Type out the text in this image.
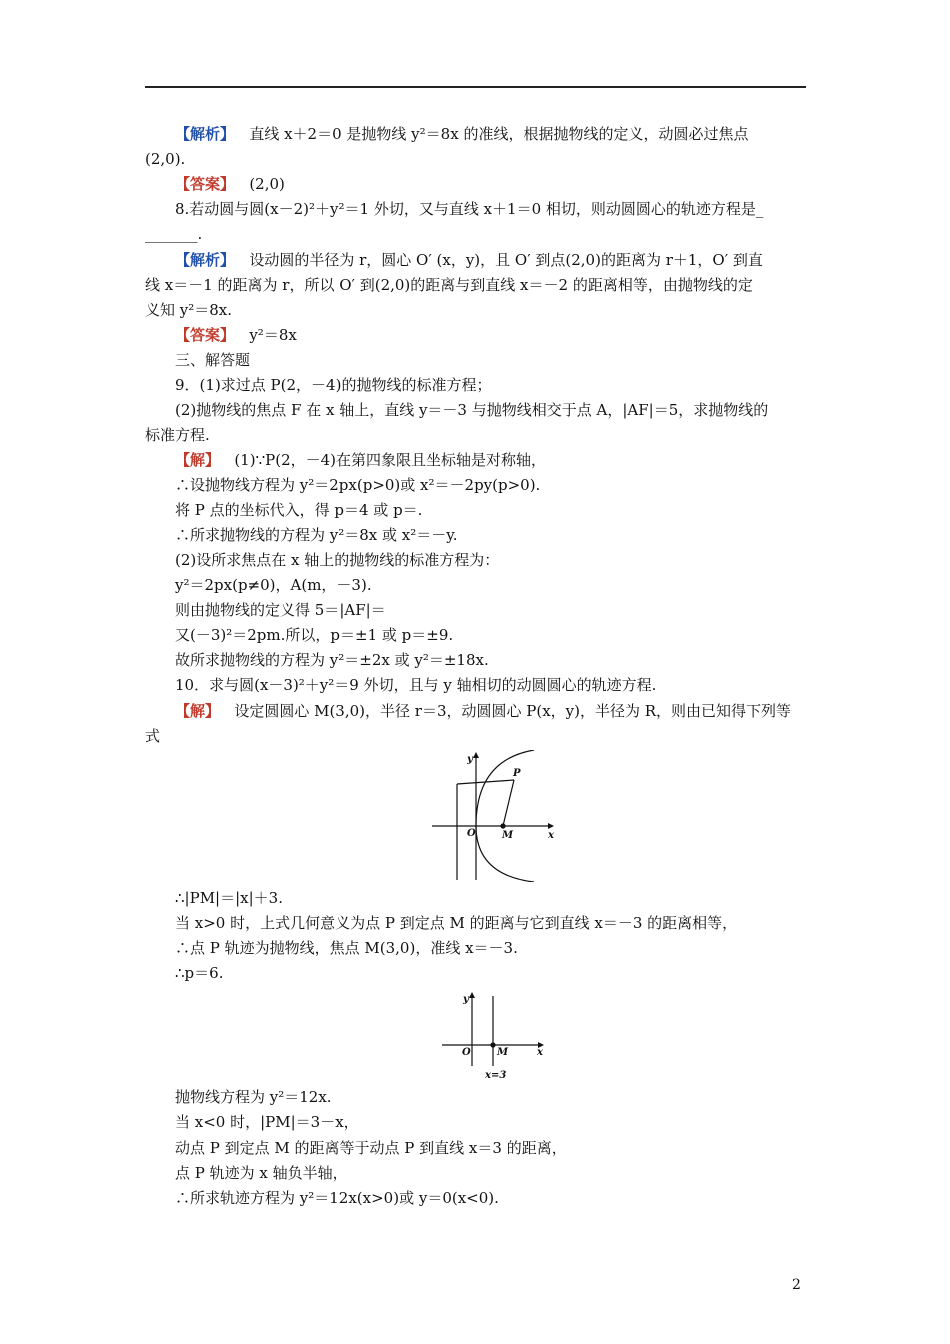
【解析】 直线 x＋2＝0 是抛物线 y²＝8x 的准线，根据抛物线的定义，动圆必过焦点
(2,0).
【答案】 (2,0)
8.若动圆与圆(x－2)²＋y²＝1 外切，又与直线 x＋1＝0 相切，则动圆圆心的轨迹方程是_
_______.
【解析】 设动圆的半径为 r，圆心 O′ (x，y)，且 O′ 到点(2,0)的距离为 r＋1，O′ 到直
线 x＝－1 的距离为 r，所以 O′ 到(2,0)的距离与到直线 x＝－2 的距离相等，由抛物线的定
义知 y²＝8x.
【答案】 y²＝8x
三、解答题
9．(1)求过点 P(2，－4)的抛物线的标准方程；
(2)抛物线的焦点 F 在 x 轴上，直线 y＝－3 与抛物线相交于点 A，|AF|＝5，求抛物线的
标准方程.
【解】 (1)∵P(2，－4)在第四象限且坐标轴是对称轴，
∴设抛物线方程为 y²＝2px(p>0)或 x²＝－2py(p>0).
将 P 点的坐标代入，得 p＝4 或 p＝.
∴所求抛物线的方程为 y²＝8x 或 x²＝－y.
(2)设所求焦点在 x 轴上的抛物线的标准方程为：
y²＝2px(p≠0)，A(m，－3).
则由抛物线的定义得 5＝|AF|＝
又(－3)²＝2pm.所以，p＝±1 或 p＝±9.
故所求抛物线的方程为 y²＝±2x 或 y²＝±18x.
10．求与圆(x－3)²＋y²＝9 外切，且与 y 轴相切的动圆圆心的轨迹方程.
【解】 设定圆圆心 M(3,0)，半径 r＝3，动圆圆心 P(x，y)，半径为 R，则由已知得下列等
式
y
P
O	M	x
∴|PM|＝|x|＋3.
当 x>0 时，上式几何意义为点 P 到定点 M 的距离与它到直线 x＝－3 的距离相等，
∴点 P 轨迹为抛物线，焦点 M(3,0)，准线 x＝－3.
∴p＝6.
y
O	M	x
x=3
抛物线方程为 y²＝12x.
当 x<0 时，|PM|＝3－x，
动点 P 到定点 M 的距离等于动点 P 到直线 x＝3 的距离，
点 P 轨迹为 x 轴负半轴，
∴所求轨迹方程为 y²＝12x(x>0)或 y＝0(x<0).
2
